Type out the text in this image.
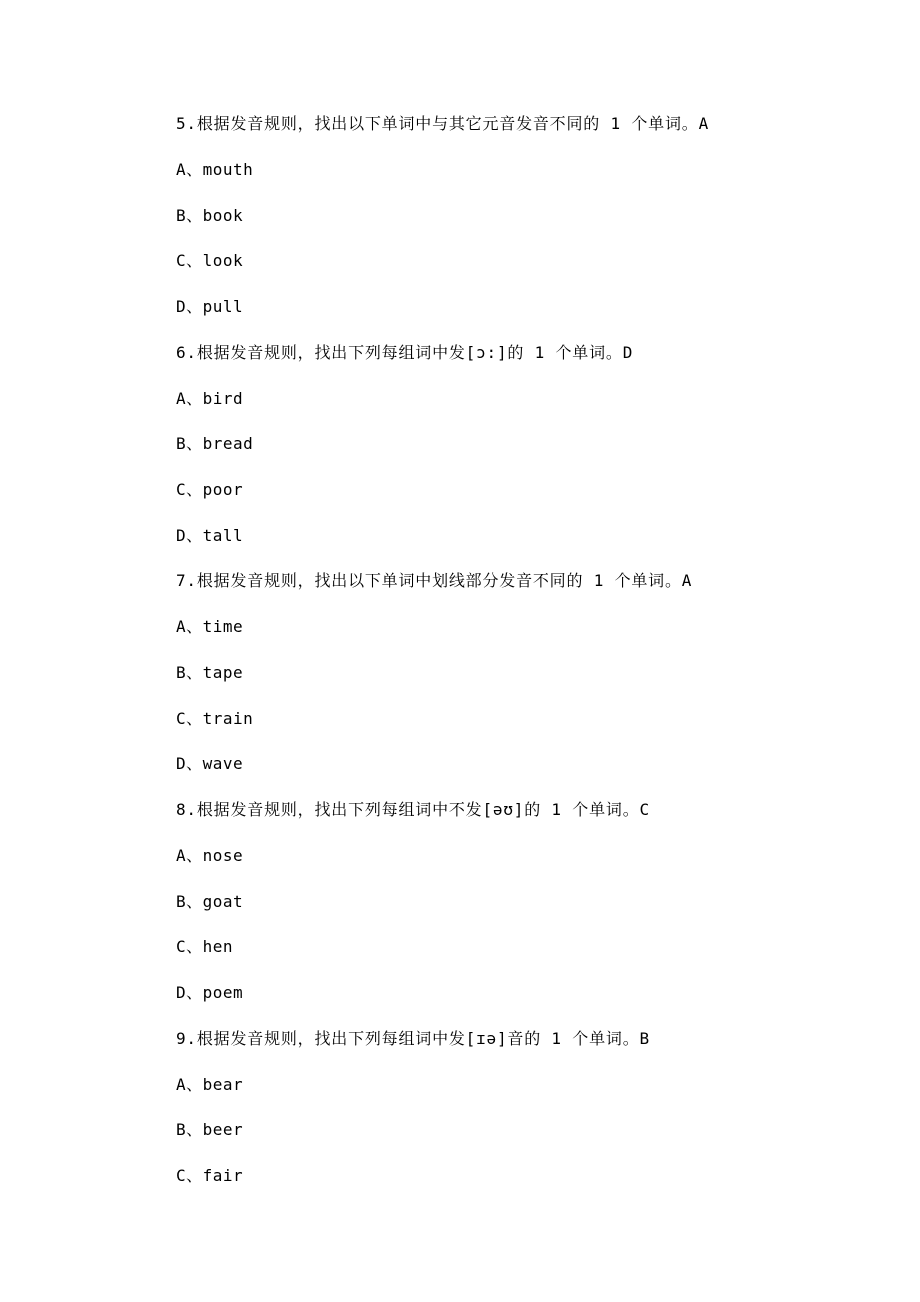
5.根据发音规则，找出以下单词中与其它元音发音不同的 1 个单词。A
A、mouth
B、book
C、look
D、pull
6.根据发音规则，找出下列每组词中发[ɔ:]的 1 个单词。D
A、bird
B、bread
C、poor
D、tall
7.根据发音规则，找出以下单词中划线部分发音不同的 1 个单词。A
A、time
B、tape
C、train
D、wave
8.根据发音规则，找出下列每组词中不发[əʊ]的 1 个单词。C
A、nose
B、goat
C、hen
D、poem
9.根据发音规则，找出下列每组词中发[ɪə]音的 1 个单词。B
A、bear
B、beer
C、fair
